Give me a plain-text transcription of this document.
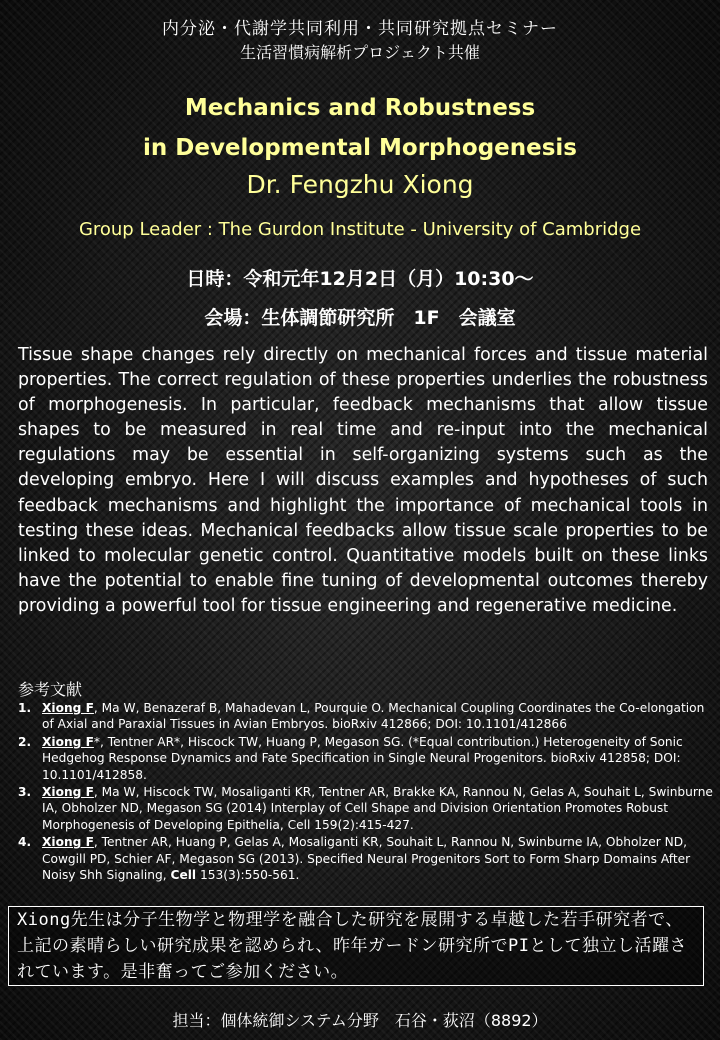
内分泌・代謝学共同利用・共同研究拠点セミナー
生活習慣病解析プロジェクト共催
Mechanics and Robustness
in Developmental Morphogenesis
Dr. Fengzhu Xiong
Group Leader : The Gurdon Institute - University of Cambridge
日時：令和元年12月2日（月）10:30～
会場：生体調節研究所　1F　会議室
Tissue shape changes rely directly on mechanical forces and tissue material properties. The correct regulation of these properties underlies the robustness of morphogenesis. In particular, feedback mechanisms that allow tissue shapes to be measured in real time and re-input into the mechanical regulations may be essential in self-organizing systems such as the developing embryo. Here I will discuss examples and hypotheses of such feedback mechanisms and highlight the importance of mechanical tools in testing these ideas. Mechanical feedbacks allow tissue scale properties to be linked to molecular genetic control. Quantitative models built on these links have the potential to enable fine tuning of developmental outcomes thereby providing a powerful tool for tissue engineering and regenerative medicine.
参考文献
1. Xiong F, Ma W, Benazeraf B, Mahadevan L, Pourquie O. Mechanical Coupling Coordinates the Co-elongation of Axial and Paraxial Tissues in Avian Embryos. bioRxiv 412866; DOI: 10.1101/412866
2. Xiong F*, Tentner AR*, Hiscock TW, Huang P, Megason SG. (*Equal contribution.) Heterogeneity of Sonic Hedgehog Response Dynamics and Fate Specification in Single Neural Progenitors. bioRxiv 412858; DOI: 10.1101/412858.
3. Xiong F, Ma W, Hiscock TW, Mosaliganti KR, Tentner AR, Brakke KA, Rannou N, Gelas A, Souhait L, Swinburne IA, Obholzer ND, Megason SG (2014) Interplay of Cell Shape and Division Orientation Promotes Robust Morphogenesis of Developing Epithelia, Cell 159(2):415-427.
4. Xiong F, Tentner AR, Huang P, Gelas A, Mosaliganti KR, Souhait L, Rannou N, Swinburne IA, Obholzer ND, Cowgill PD, Schier AF, Megason SG (2013). Specified Neural Progenitors Sort to Form Sharp Domains After Noisy Shh Signaling, Cell 153(3):550-561.
Xiong先生は分子生物学と物理学を融合した研究を展開する卓越した若手研究者で、上記の素晴らしい研究成果を認められ、昨年ガードン研究所でPIとして独立し活躍されています。是非奮ってご参加ください。
担当：個体統御システム分野　石谷・荻沼（8892）
